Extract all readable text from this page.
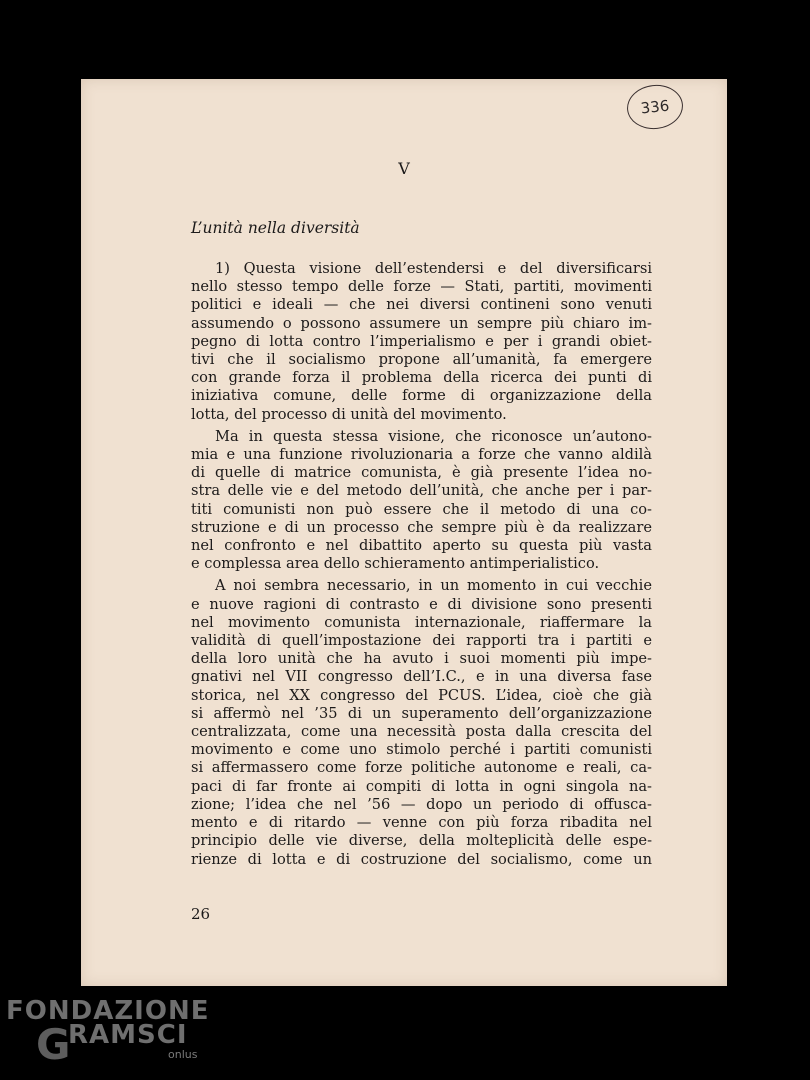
336
V
L’unità nella diversità
1) Questa visione dell’estendersi e del diversificarsi
nello stesso tempo delle forze — Stati, partiti, movimenti
politici e ideali — che nei diversi contineni sono venuti
assumendo o possono assumere un sempre più chiaro im-
pegno di lotta contro l’imperialismo e per i grandi obiet-
tivi che il socialismo propone all’umanità, fa emergere
con grande forza il problema della ricerca dei punti di
iniziativa comune, delle forme di organizzazione della
lotta, del processo di unità del movimento.
Ma in questa stessa visione, che riconosce un’autono-
mia e una funzione rivoluzionaria a forze che vanno aldilà
di quelle di matrice comunista, è già presente l’idea no-
stra delle vie e del metodo dell’unità, che anche per i par-
titi comunisti non può essere che il metodo di una co-
struzione e di un processo che sempre più è da realizzare
nel confronto e nel dibattito aperto su questa più vasta
e complessa area dello schieramento antimperialistico.
A noi sembra necessario, in un momento in cui vecchie
e nuove ragioni di contrasto e di divisione sono presenti
nel movimento comunista internazionale, riaffermare la
validità di quell’impostazione dei rapporti tra i partiti e
della loro unità che ha avuto i suoi momenti più impe-
gnativi nel VII congresso dell’I.C., e in una diversa fase
storica, nel XX congresso del PCUS. L’idea, cioè che già
si affermò nel ’35 di un superamento dell’organizzazione
centralizzata, come una necessità posta dalla crescita del
movimento e come uno stimolo perché i partiti comunisti
si affermassero come forze politiche autonome e reali, ca-
paci di far fronte ai compiti di lotta in ogni singola na-
zione; l’idea che nel ’56 — dopo un periodo di offusca-
mento e di ritardo — venne con più forza ribadita nel
principio delle vie diverse, della molteplicità delle espe-
rienze di lotta e di costruzione del socialismo, come un
26
FONDAZIONE
G
RAMSCI
onlus
